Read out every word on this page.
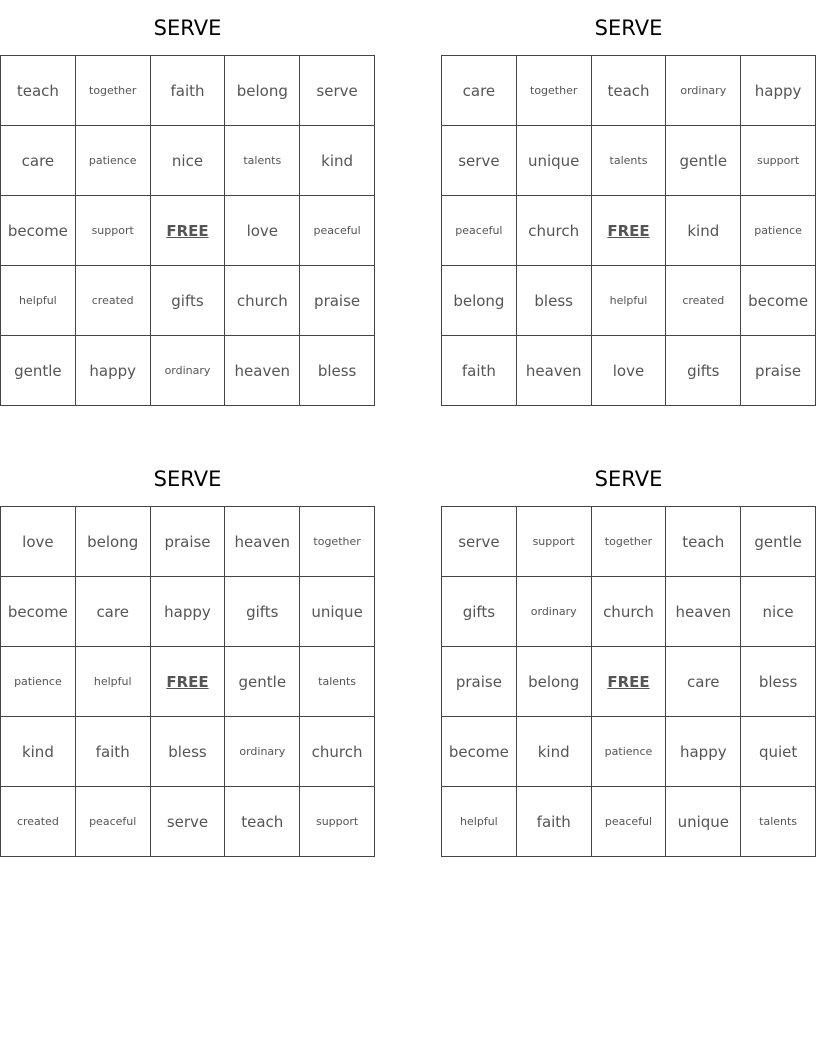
SERVE
teach	together	faith	belong	serve
care	patience	nice	talents	kind
become	support	FREE	love	peaceful
helpful	created	gifts	church	praise
gentle	happy	ordinary	heaven	bless
SERVE
care	together	teach	ordinary	happy
serve	unique	talents	gentle	support
peaceful	church	FREE	kind	patience
belong	bless	helpful	created	become
faith	heaven	love	gifts	praise
SERVE
love	belong	praise	heaven	together
become	care	happy	gifts	unique
patience	helpful	FREE	gentle	talents
kind	faith	bless	ordinary	church
created	peaceful	serve	teach	support
SERVE
serve	support	together	teach	gentle
gifts	ordinary	church	heaven	nice
praise	belong	FREE	care	bless
become	kind	patience	happy	quiet
helpful	faith	peaceful	unique	talents
